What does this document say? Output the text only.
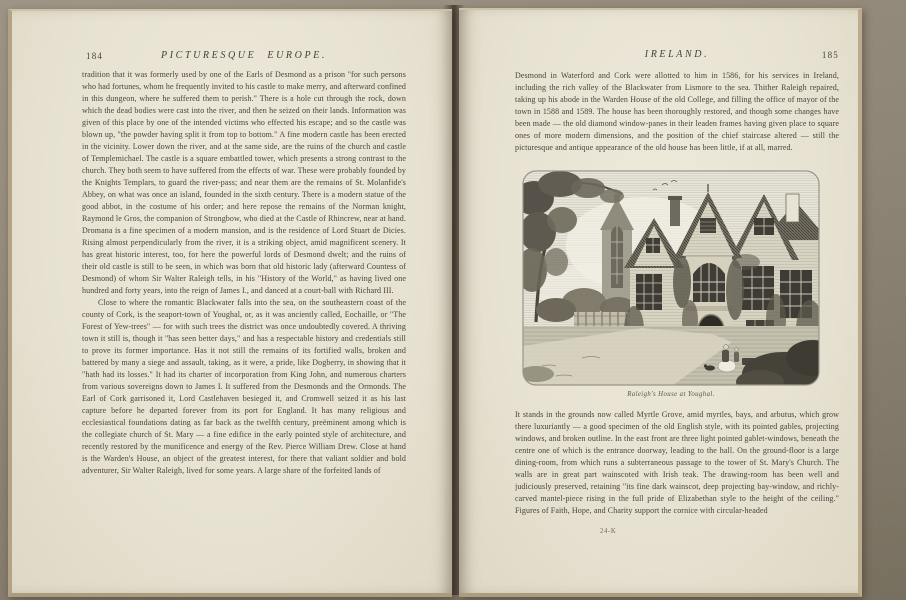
184	PICTURESQUE EUROPE.

tradition that it was formerly used by one of the Earls of Desmond as a prison "for such persons who had fortunes, whom he frequently invited to his castle to make merry, and afterward confined in this dungeon, where he suffered them to perish." There is a hole cut through the rock, down which the dead bodies were cast into the river, and then he seized on their lands. Information was given of this place by one of the intended victims who effected his escape; and so the castle was blown up, "the powder having split it from top to bottom." A fine modern castle has been erected in the vicinity. Lower down the river, and at the same side, are the ruins of the church and castle of Templemichael. The castle is a square embattled tower, which presents a strong contrast to the church. They both seem to have suffered from the effects of war. These were probably founded by the Knights Templars, to guard the river-pass; and near them are the remains of St. Molanfide's Abbey, on what was once an island, founded in the sixth century. There is a modern statue of the good abbot, in the costume of his order; and here repose the remains of the Norman knight, Raymond le Gros, the companion of Strongbow, who died at the Castle of Rhincrew, near at hand. Dromana is a fine specimen of a modern mansion, and is the residence of Lord Stuart de Dicies. Rising almost perpendicularly from the river, it is a striking object, amid magnificent scenery. It has great historic interest, too, for here the powerful lords of Desmond dwelt; and the ruins of their old castle is still to be seen, in which was born that old historic lady (afterward Countess of Desmond) of whom Sir Walter Raleigh tells, in his "History of the World," as having lived one hundred and forty years, into the reign of James I., and danced at a court-ball with Richard III.

Close to where the romantic Blackwater falls into the sea, on the southeastern coast of the county of Cork, is the seaport-town of Youghal, or, as it was anciently called, Eochaille, or "The Forest of Yew-trees" — for with such trees the district was once undoubtedly covered. A thriving town it still is, though it "has seen better days," and has a respectable history and credentials still to prove its former importance. Has it not still the remains of its fortified walls, broken and battered by many a siege and assault, taking, as it were, a pride, like Dogberry, in showing that it "hath had its losses." It had its charter of incorporation from King John, and numerous charters from various sovereigns down to James I. It suffered from the Desmonds and the Ormonds. The Earl of Cork garrisoned it, Lord Castlehaven besieged it, and Cromwell seized it as his last capture before he departed forever from its port for England. It has many religious and ecclesiastical foundations dating as far back as the twelfth century, preëminent among which is the collegiate church of St. Mary — a fine edifice in the early pointed style of architecture, and recently restored by the munificence and energy of the Rev. Pierce William Drew. Close at hand is the Warden's House, an object of the greatest interest, for there that valiant soldier and bold adventurer, Sir Walter Raleigh, lived for some years. A large share of the forfeited lands of

IRELAND.	185

Desmond in Waterford and Cork were allotted to him in 1586, for his services in Ireland, including the rich valley of the Blackwater from Lismore to the sea. Thither Raleigh repaired, taking up his abode in the Warden House of the old College, and filling the office of mayor of the town in 1588 and 1589. The house has been thoroughly restored, and though some changes have been made — the old diamond window-panes in their leaden frames having given place to square ones of more modern dimensions, and the position of the chief staircase altered — still the picturesque and antique appearance of the old house has been little, if at all, marred.

Raleigh's House at Youghal.

It stands in the grounds now called Myrtle Grove, amid myrtles, bays, and arbutus, which grow there luxuriantly — a good specimen of the old English style, with its pointed gables, projecting windows, and broken outline. In the east front are three light pointed gablet-windows, beneath the centre one of which is the entrance doorway, leading to the hall. On the ground-floor is a large dining-room, from which runs a subterraneous passage to the tower of St. Mary's Church. The walls are in great part wainscoted with Irish teak. The drawing-room has been well and judiciously preserved, retaining "its fine dark wainscot, deep projecting bay-window, and richly-carved mantel-piece rising in the full pride of Elizabethan style to the height of the ceiling." Figures of Faith, Hope, and Charity support the cornice with circular-headed

24-K
